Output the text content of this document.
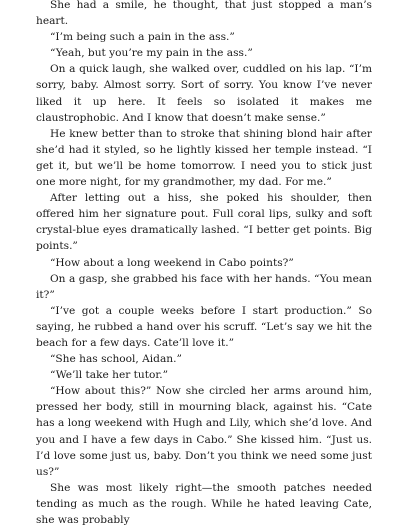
She had a smile, he thought, that just stopped a man’s heart.

“I’m being such a pain in the ass.”

“Yeah, but you’re my pain in the ass.”

On a quick laugh, she walked over, cuddled on his lap. “I’m sorry, baby. Almost sorry. Sort of sorry. You know I’ve never liked it up here. It feels so isolated it makes me claustrophobic. And I know that doesn’t make sense.”

He knew better than to stroke that shining blond hair after she’d had it styled, so he lightly kissed her temple instead. “I get it, but we’ll be home tomorrow. I need you to stick just one more night, for my grandmother, my dad. For me.”

After letting out a hiss, she poked his shoulder, then offered him her signature pout. Full coral lips, sulky and soft crystal-blue eyes dramatically lashed. “I better get points. Big points.”

“How about a long weekend in Cabo points?”

On a gasp, she grabbed his face with her hands. “You mean it?”

“I’ve got a couple weeks before I start production.” So saying, he rubbed a hand over his scruff. “Let’s say we hit the beach for a few days. Cate’ll love it.”

“She has school, Aidan.”

“We’ll take her tutor.”

“How about this?” Now she circled her arms around him, pressed her body, still in mourning black, against his. “Cate has a long weekend with Hugh and Lily, which she’d love. And you and I have a few days in Cabo.” She kissed him. “Just us. I’d love some just us, baby. Don’t you think we need some just us?”

She was most likely right—the smooth patches needed tending as much as the rough. While he hated leaving Cate, she was probably
